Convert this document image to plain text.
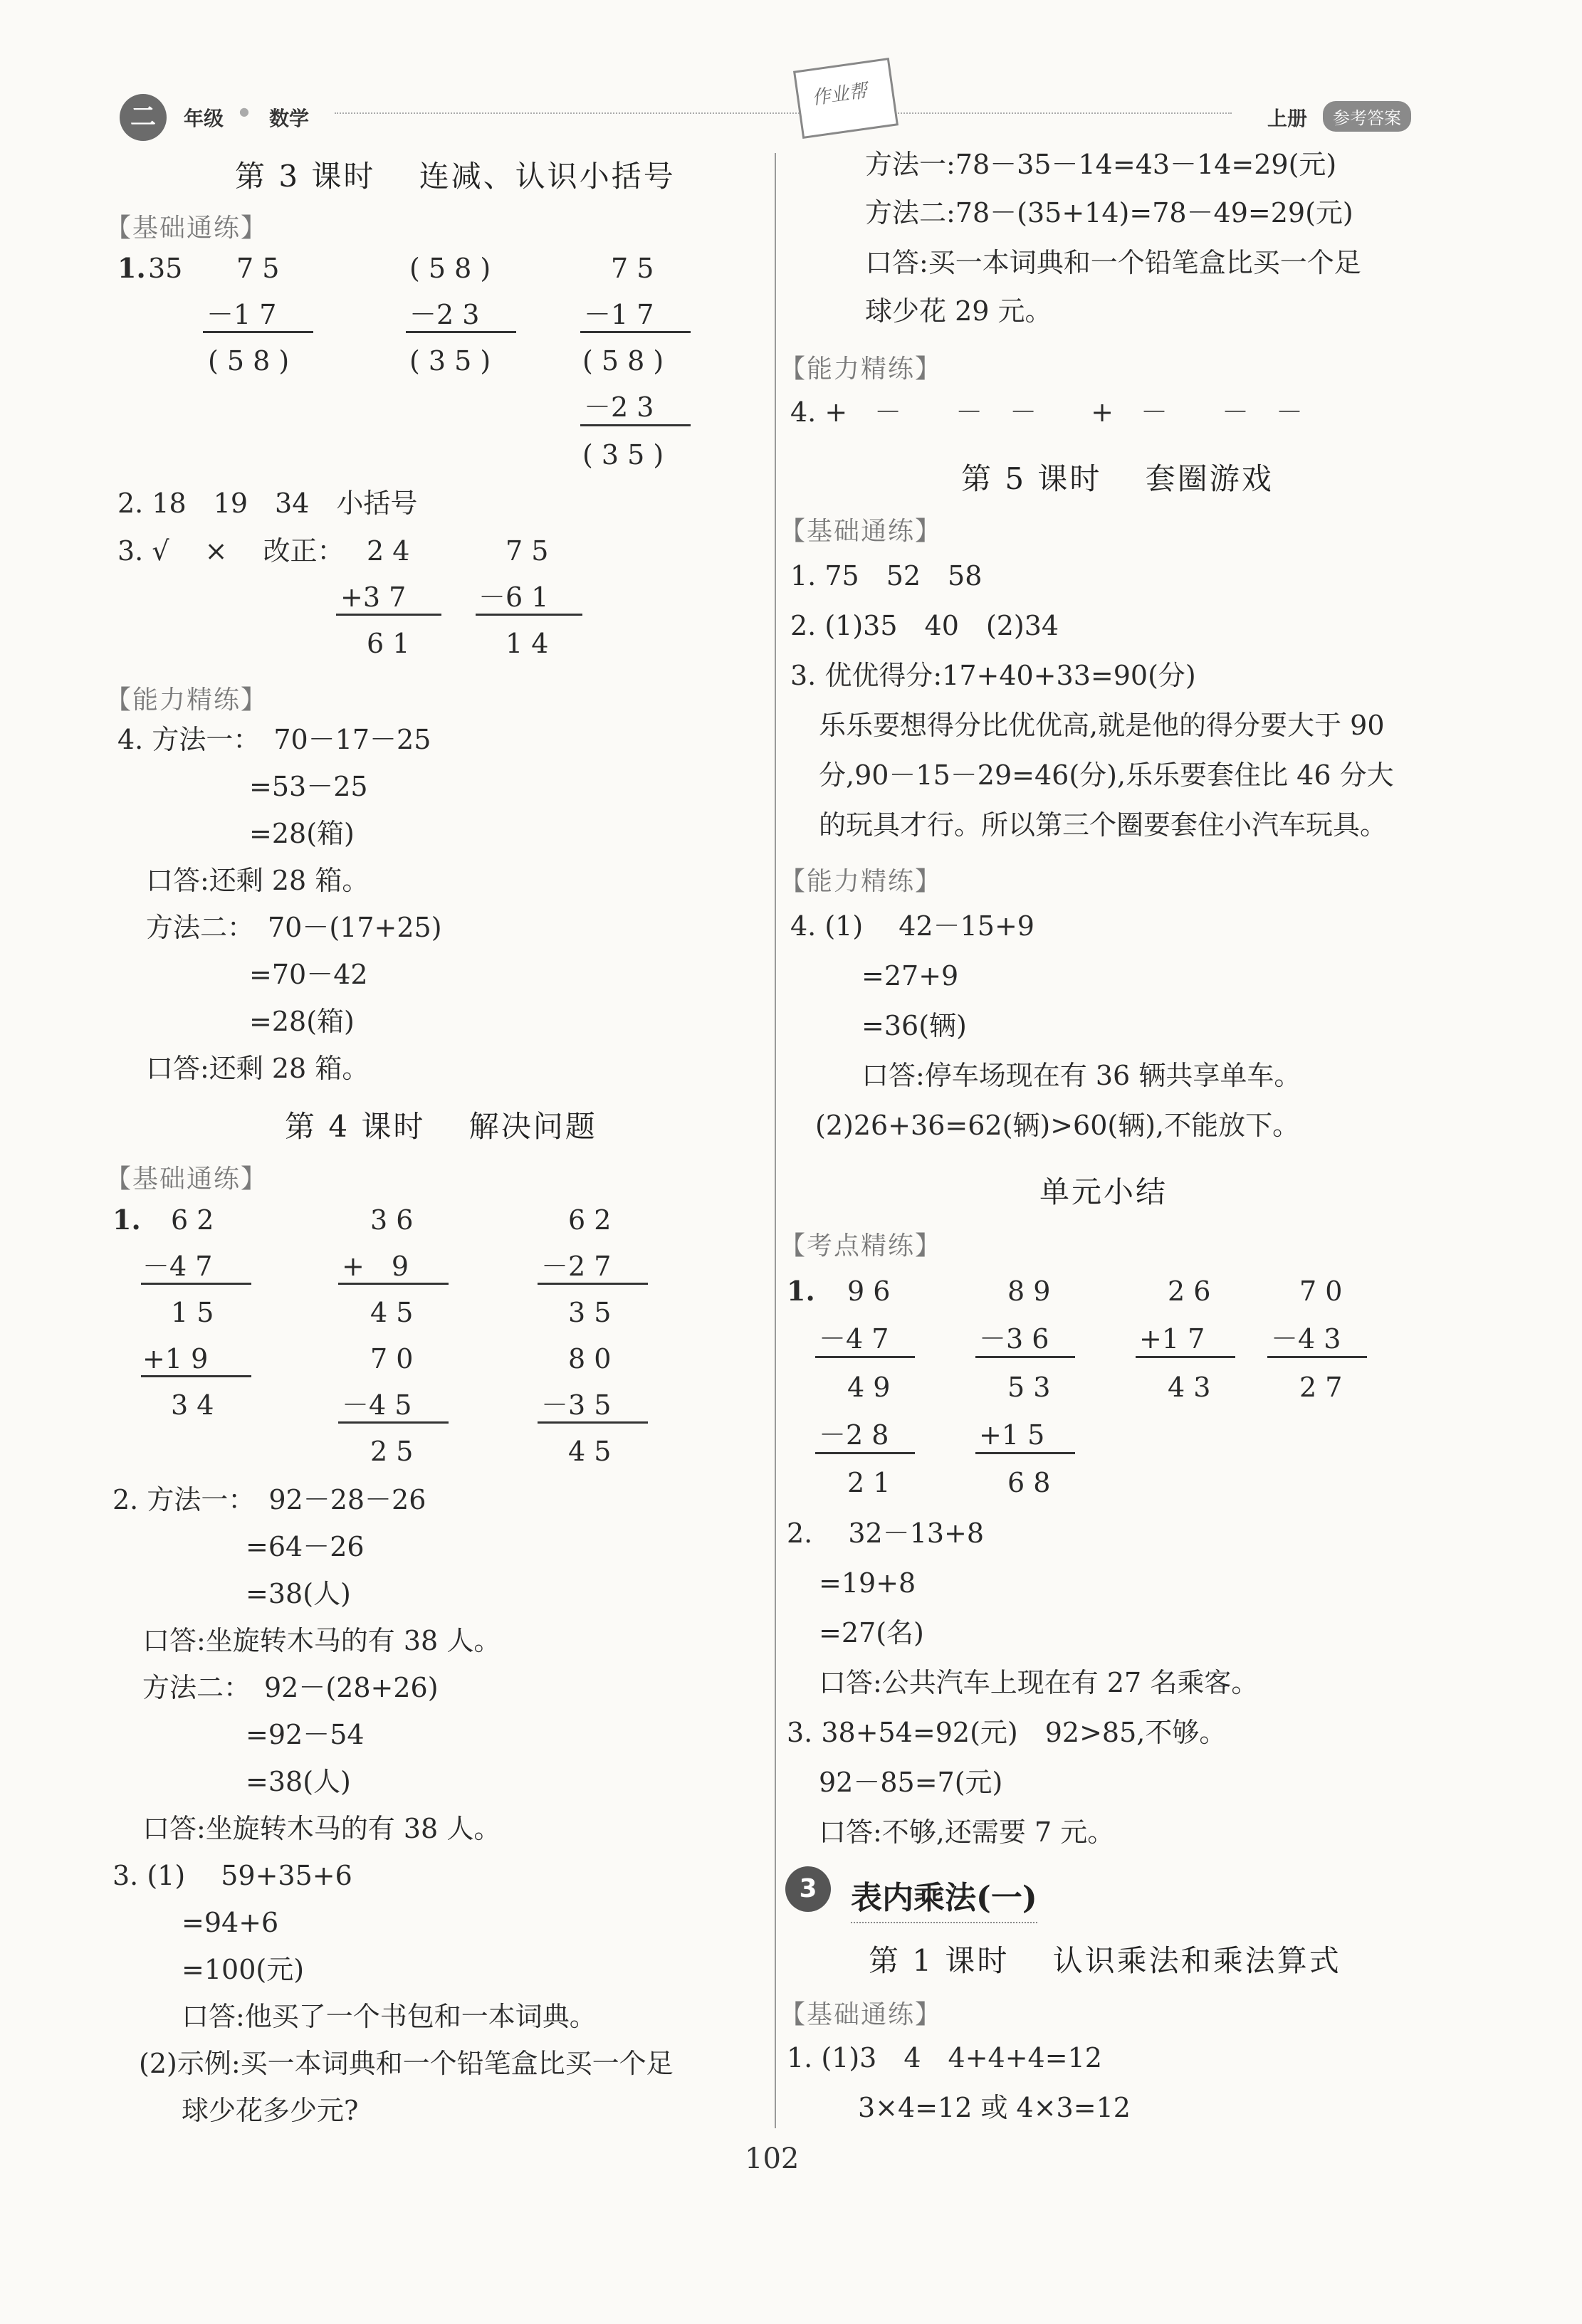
二	年级 ● 数学
作业帮
上册	参考答案
第 3 课时　 连减、认识小括号
【基础通练】
1. 35 7 5
－1 7
( 5 8 )
( 5 8 )
－2 3
( 3 5 )
7 5
－1 7
( 5 8 )
－2 3
( 3 5 )
2. 18　19　34　小括号
3. √　 ×　 改正： 2 4
+3 7
6 1
7 5
－6 1
1 4
【能力精练】
4. 方法一：　70－17－25
=53－25
=28(箱)
口答:还剩 28 箱。
方法二：　70－(17+25)
=70－42
=28(箱)
口答:还剩 28 箱。
第 4 课时　 解决问题
【基础通练】
1. 6 2
－4 7
1 5
+1 9
3 4
3 6
+　9
4 5
7 0
－4 5
2 5
6 2
－2 7
3 5
8 0
－3 5
4 5
2. 方法一：　92－28－26
=64－26
=38(人)
口答:坐旋转木马的有 38 人。
方法二：　92－(28+26)
=92－54
=38(人)
口答:坐旋转木马的有 38 人。
3. (1)　 59+35+6
=94+6
=100(元)
口答:他买了一个书包和一本词典。
(2)示例:买一本词典和一个铅笔盒比买一个足
球少花多少元?
方法一:78－35－14=43－14=29(元)
方法二:78－(35+14)=78－49=29(元)
口答:买一本词典和一个铅笔盒比买一个足
球少花 29 元。
【能力精练】
4. +　－　　－　－　　+　－　　－　－
第 5 课时　 套圈游戏
【基础通练】
1. 75　52　58
2. (1)35　40　(2)34
3. 优优得分:17+40+33=90(分)
乐乐要想得分比优优高,就是他的得分要大于 90
分,90－15－29=46(分),乐乐要套住比 46 分大
的玩具才行。所以第三个圈要套住小汽车玩具。
【能力精练】
4. (1)　 42－15+9
=27+9
=36(辆)
口答:停车场现在有 36 辆共享单车。
(2)26+36=62(辆)>60(辆),不能放下。
单元小结
【考点精练】
1. 9 6
－4 7
4 9
－2 8
2 1
8 9
－3 6
5 3
+1 5
6 8
2 6
+1 7
4 3
7 0
－4 3
2 7
2.　 32－13+8
=19+8
=27(名)
口答:公共汽车上现在有 27 名乘客。
3. 38+54=92(元)　92>85,不够。
92－85=7(元)
口答:不够,还需要 7 元。
3	表内乘法(一)
第 1 课时　 认识乘法和乘法算式
【基础通练】
1. (1)3　4　4+4+4=12
3×4=12 或 4×3=12
102
